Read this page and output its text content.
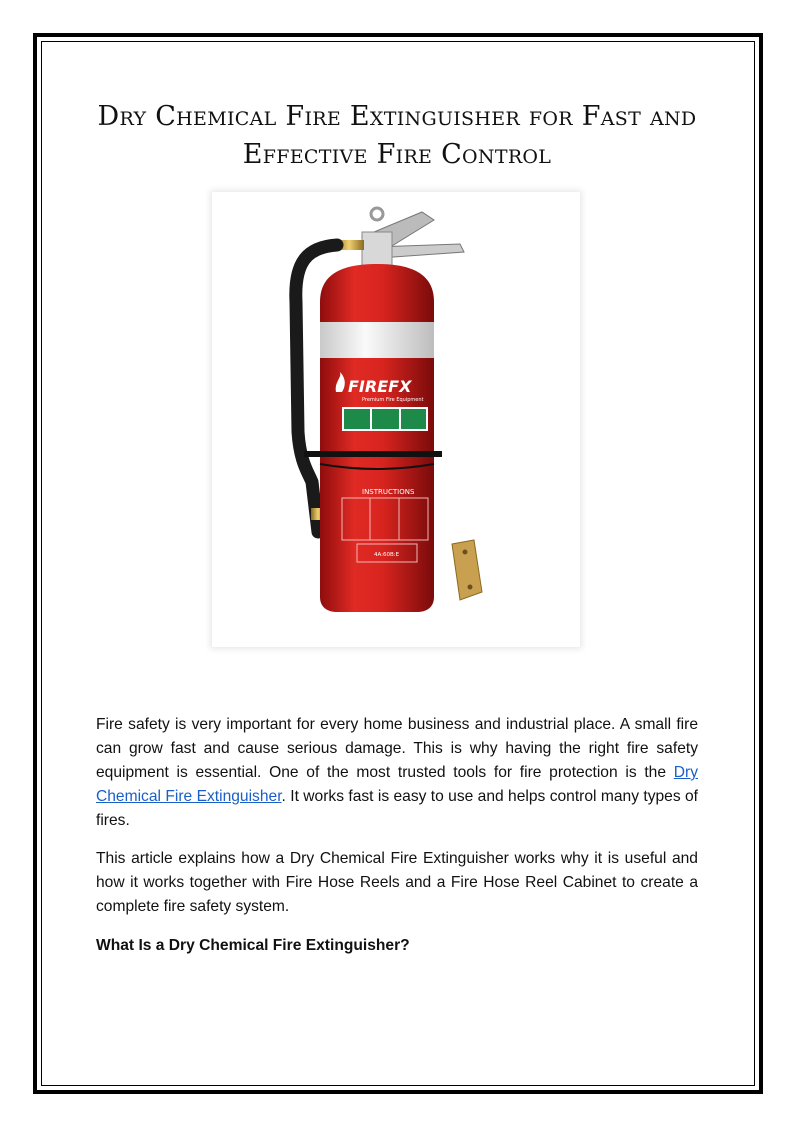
Dry Chemical Fire Extinguisher for Fast and Effective Fire Control
FIREFX
Premium Fire Equipment
INSTRUCTIONS
4A:60B:E

Fire safety is very important for every home business and industrial place. A small fire can grow fast and cause serious damage. This is why having the right fire safety equipment is essential. One of the most trusted tools for fire protection is the Dry Chemical Fire Extinguisher. It works fast is easy to use and helps control many types of fires.

This article explains how a Dry Chemical Fire Extinguisher works why it is useful and how it works together with Fire Hose Reels and a Fire Hose Reel Cabinet to create a complete fire safety system.

What Is a Dry Chemical Fire Extinguisher?
